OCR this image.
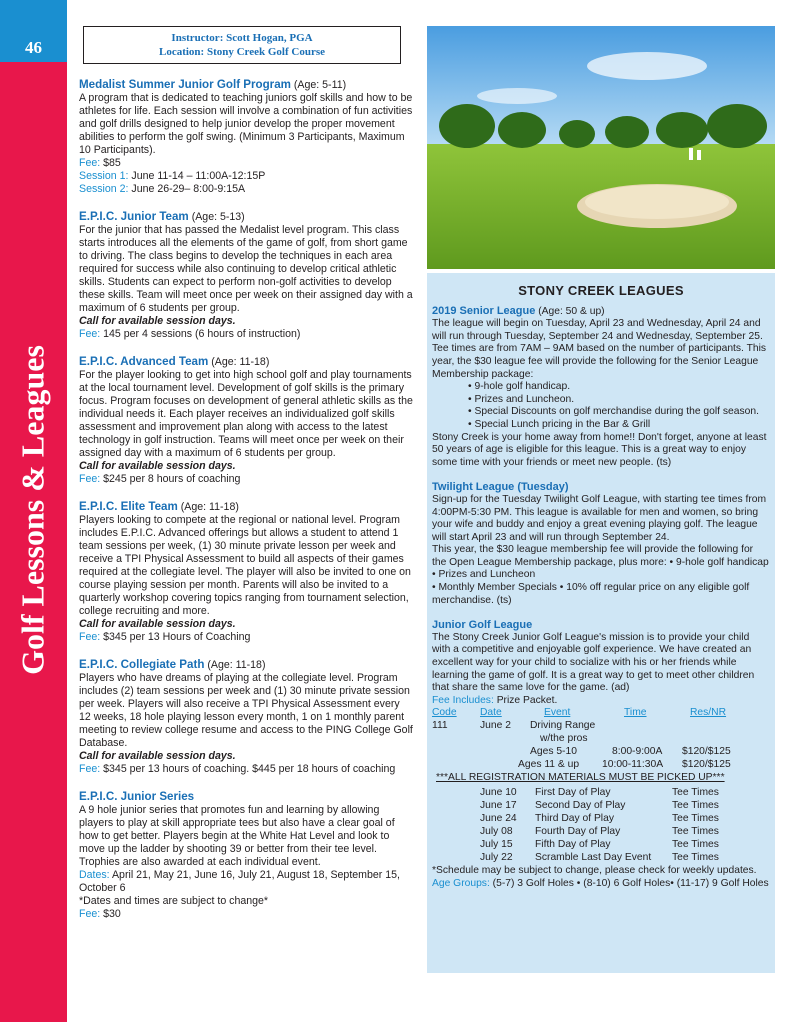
46
Golf Lessons & Leagues
Instructor: Scott Hogan, PGA
Location: Stony Creek Golf Course

Medalist Summer Junior Golf Program (Age: 5-11)

A program that is dedicated to teaching juniors golf skills and how to be athletes for life. Each session will involve a combination of fun activities and golf drills designed to help junior develop the proper movement abilities to perform the golf swing. (Minimum 3 Participants, Maximum 10 Participants).

Fee: $85

Session 1: June 11-14 – 11:00A-12:15P

Session 2: June 26-29– 8:00-9:15A

E.P.I.C. Junior Team (Age: 5-13)

For the junior that has passed the Medalist level program. This class starts introduces all the elements of the game of golf, from short game to driving. The class begins to develop the techniques in each area required for success while also continuing to develop critical athletic skills. Students can expect to perform non-golf activities to develop these skills. Team will meet once per week on their assigned day with a maximum of 6 students per group.

Call for available session days.

Fee: 145 per 4 sessions (6 hours of instruction)

E.P.I.C. Advanced Team (Age: 11-18)

For the player looking to get into high school golf and play tournaments at the local tournament level. Development of golf skills is the primary focus. Program focuses on development of general athletic skills as the individual needs it. Each player receives an individualized golf skills assessment and improvement plan along with access to the latest technology in golf instruction. Teams will meet once per week on their assigned day with a maximum of 6 students per group.

Call for available session days.

Fee: $245 per 8 hours of coaching

E.P.I.C. Elite Team (Age: 11-18)

Players looking to compete at the regional or national level. Program includes E.P.I.C. Advanced offerings but allows a student to attend 1 team sessions per week, (1) 30 minute private lesson per week and receive a TPI Physical Assessment to build all aspects of their games required at the collegiate level. The player will also be invited to one on course playing session per month. Parents will also be invited to a quarterly workshop covering topics ranging from tournament selection, college recruiting and more.

Call for available session days.

Fee: $345 per 13 Hours of Coaching

E.P.I.C. Collegiate Path (Age: 11-18)

Players who have dreams of playing at the collegiate level. Program includes (2) team sessions per week and (1) 30 minute private session per week. Players will also receive a TPI Physical Assessment every 12 weeks, 18 hole playing lesson every month, 1 on 1 monthly parent meeting to review college resume and access to the PING College Golf Database.

Call for available session days.

Fee: $345 per 13 hours of coaching. $445 per 18 hours of coaching

E.P.I.C. Junior Series

A 9 hole junior series that promotes fun and learning by allowing players to play at skill appropriate tees but also have a clear goal of how to get better. Players begin at the White Hat Level and look to move up the ladder by shooting 39 or better from their tee level. Trophies are also awarded at each individual event.

Dates: April 21, May 21, June 16, July 21, August 18, September 15, October 6

*Dates and times are subject to change*

Fee: $30

STONY CREEK LEAGUES

2019 Senior League (Age: 50 & up)

The league will begin on Tuesday, April 23 and Wednesday, April 24 and will run through Tuesday, September 24 and Wednesday, September 25. Tee times are from 7AM – 9AM based on the number of participants. This year, the $30 league fee will provide the following for the Senior League Membership package:

• 9-hole golf handicap.
• Prizes and Luncheon.
• Special Discounts on golf merchandise during the golf season.
• Special Lunch pricing in the Bar & Grill

Stony Creek is your home away from home!! Don't forget, anyone at least 50 years of age is eligible for this league. This is a great way to enjoy some time with your friends or meet new people. (ts)

Twilight League (Tuesday)

Sign-up for the Tuesday Twilight Golf League, with starting tee times from 4:00PM-5:30 PM. This league is available for men and women, so bring your wife and buddy and enjoy a great evening playing golf. The league will start April 23 and will run through September 24.

This year, the $30 league membership fee will provide the following for the Open League Membership package, plus more: • 9-hole golf handicap • Prizes and Luncheon

• Monthly Member Specials • 10% off regular price on any eligible golf merchandise. (ts)

Junior Golf League

The Stony Creek Junior Golf League's mission is to provide your child with a competitive and enjoyable golf experience. We have created an excellent way for your child to socialize with his or her friends while learning the game of golf. It is a great way to get to meet other children that share the same love for the game. (ad)

Fee Includes: Prize Packet.

Code Date	Event	Time	Res/NR
111	June 2 Driving Range
w/the pros
Ages 5-10	8:00-9:00A $120/$125
Ages 11 & up 10:00-11:30A $120/$125
***ALL REGISTRATION MATERIALS MUST BE PICKED UP***
June 10 First Day of Play	Tee Times
June 17 Second Day of Play	Tee Times
June 24 Third Day of Play	Tee Times
July 08 Fourth Day of Play	Tee Times
July 15 Fifth Day of Play	Tee Times
July 22 Scramble Last Day Event Tee Times

*Schedule may be subject to change, please check for weekly updates.

Age Groups: (5-7) 3 Golf Holes • (8-10) 6 Golf Holes• (11-17) 9 Golf Holes
